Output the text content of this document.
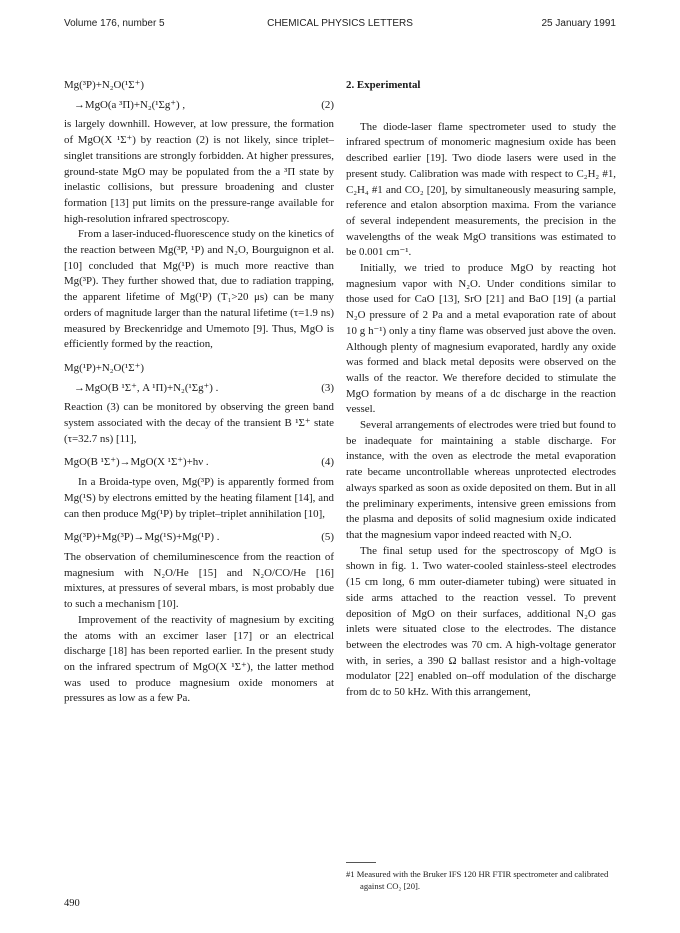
Volume 176, number 5	CHEMICAL PHYSICS LETTERS	25 January 1991
Mg(³P)+N₂O(¹Σ⁺)
→MgO(a ³Π)+N₂(¹Σg⁺) ,	(2)

is largely downhill. However, at low pressure, the formation of MgO(X ¹Σ⁺) by reaction (2) is not likely, since triplet–singlet transitions are strongly forbidden. At higher pressures, ground-state MgO may be populated from the a ³Π state by inelastic collisions, but pressure broadening and cluster formation [13] put limits on the pressure-range available for high-resolution infrared spectroscopy.

From a laser-induced-fluorescence study on the kinetics of the reaction between Mg(³P, ¹P) and N₂O, Bourguignon et al. [10] concluded that Mg(¹P) is much more reactive than Mg(³P). They further showed that, due to radiation trapping, the apparent lifetime of Mg(¹P) (T₁>20 μs) can be many orders of magnitude larger than the natural lifetime (τ=1.9 ns) measured by Breckenridge and Umemoto [9]. Thus, MgO is efficiently formed by the reaction,

Mg(¹P)+N₂O(¹Σ⁺)
→MgO(B ¹Σ⁺, A ¹Π)+N₂(¹Σg⁺) .	(3)

Reaction (3) can be monitored by observing the green band system associated with the decay of the transient B ¹Σ⁺ state (τ=32.7 ns) [11],

MgO(B ¹Σ⁺)→MgO(X ¹Σ⁺)+hν .	(4)

In a Broida-type oven, Mg(³P) is apparently formed from Mg(¹S) by electrons emitted by the heating filament [14], and can then produce Mg(¹P) by triplet–triplet annihilation [10],

Mg(³P)+Mg(³P)→Mg(¹S)+Mg(¹P) .	(5)

The observation of chemiluminescence from the reaction of magnesium with N₂O/He [15] and N₂O/CO/He [16] mixtures, at pressures of several mbars, is most probably due to such a mechanism [10].

Improvement of the reactivity of magnesium by exciting the atoms with an excimer laser [17] or an electrical discharge [18] has been reported earlier. In the present study on the infrared spectrum of MgO(X ¹Σ⁺), the latter method was used to produce magnesium oxide monomers at pressures as low as a few Pa.

2. Experimental

The diode-laser flame spectrometer used to study the infrared spectrum of monomeric magnesium oxide has been described earlier [19]. Two diode lasers were used in the present study. Calibration was made with respect to C₂H₂ #1, C₂H₄ #1 and CO₂ [20], by simultaneously measuring sample, reference and etalon absorption maxima. From the variance of several independent measurements, the precision in the wavelengths of the weak MgO transitions was estimated to be 0.001 cm⁻¹.

Initially, we tried to produce MgO by reacting hot magnesium vapor with N₂O. Under conditions similar to those used for CaO [13], SrO [21] and BaO [19] (a partial N₂O pressure of 2 Pa and a metal evaporation rate of about 10 g h⁻¹) only a tiny flame was observed just above the oven. Although plenty of magnesium evaporated, hardly any oxide was formed and black metal deposits were observed on the walls of the reactor. We therefore decided to stimulate the MgO formation by means of a dc discharge in the reaction vessel.

Several arrangements of electrodes were tried but found to be inadequate for maintaining a stable discharge. For instance, with the oven as electrode the metal evaporation rate became uncontrollable whereas unprotected electrodes always sparked as soon as oxide deposited on them. But in all the preliminary experiments, intensive green emissions from the plasma and deposits of solid magnesium oxide indicated that the magnesium vapor indeed reacted with N₂O.

The final setup used for the spectroscopy of MgO is shown in fig. 1. Two water-cooled stainless-steel electrodes (15 cm long, 6 mm outer-diameter tubing) were situated in side arms attached to the reaction vessel. To prevent deposition of MgO on their surfaces, additional N₂O gas inlets were situated close to the electrodes. The distance between the electrodes was 70 cm. A high-voltage generator with, in series, a 390 Ω ballast resistor and a high-voltage modulator [22] enabled on–off modulation of the discharge from dc to 50 kHz. With this arrangement,

#1 Measured with the Bruker IFS 120 HR FTIR spectrometer and calibrated against CO₂ [20].
490
